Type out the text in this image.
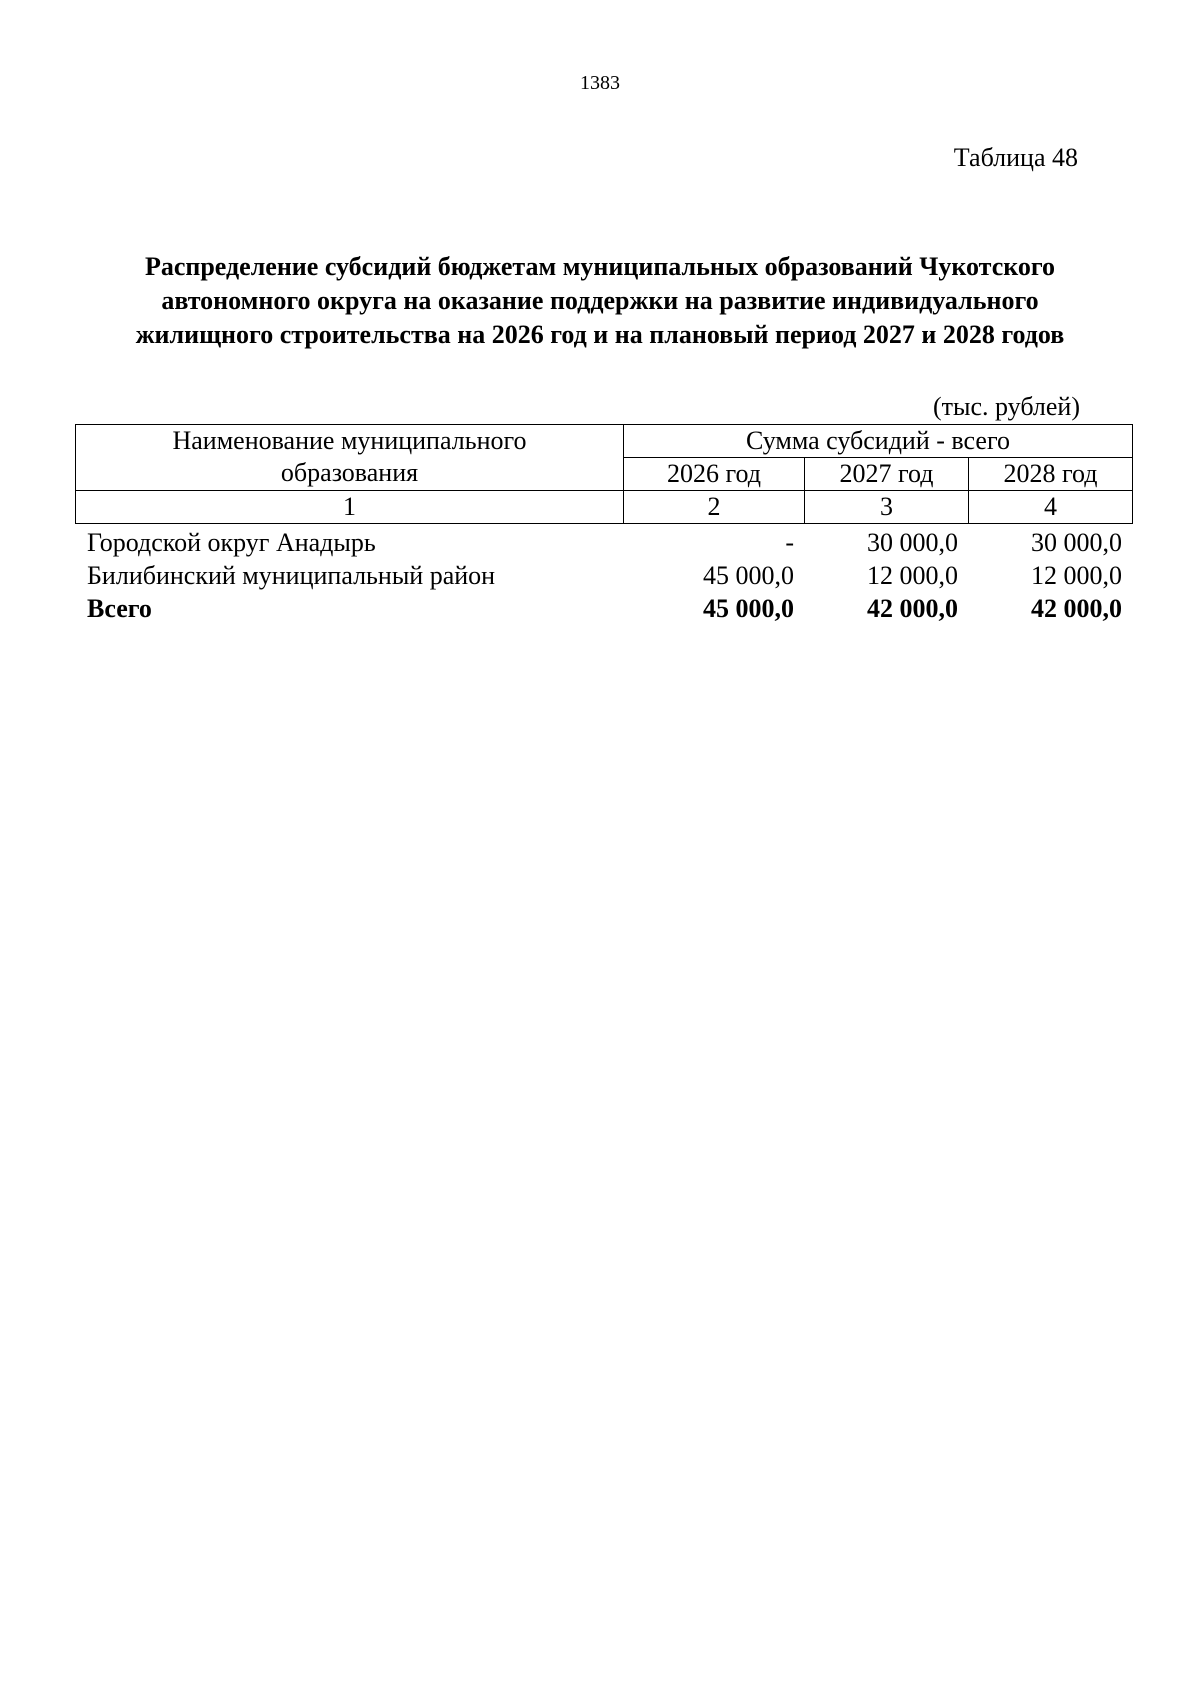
1383
Таблица 48
Распределение субсидий бюджетам муниципальных образований Чукотского
автономного округа на оказание поддержки на развитие индивидуального
жилищного строительства на 2026 год и на плановый период 2027 и 2028 годов
(тыс. рублей)
Наименование муниципального
образования	Сумма субсидий - всего		
	2026 год	2027 год	2028 год
1	2	3	4
Городской округ Анадырь	-	30 000,0	30 000,0
Билибинский муниципальный район	45 000,0	12 000,0	12 000,0
Всего	45 000,0	42 000,0	42 000,0
